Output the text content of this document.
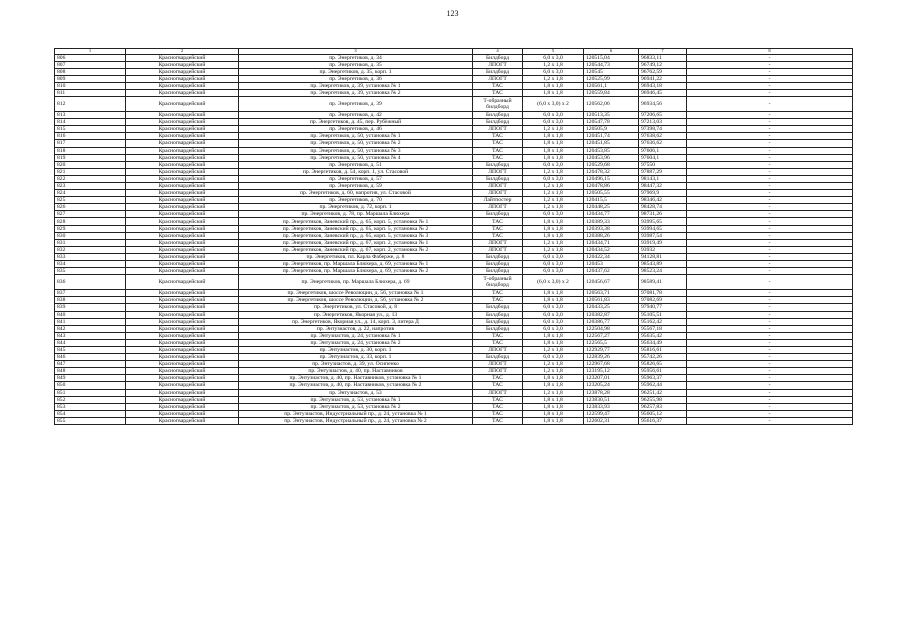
123
1	2	3	4	5	6	7	8
806	Красногвардейский	пр. Энергетиков, д. 34	Билдборд	6,0 x 3,0	120515,04	96833,11	-
807	Красногвардейский	пр. Энергетиков, д. 35	ЛПОГТ	1,2 x 1,8	120544,73	96749,12	-
808	Красногвардейский	пр. Энергетиков, д. 35, корп. 1	Билдборд	6,0 x 3,0	120545	96762,59	-
809	Красногвардейский	пр. Энергетиков, д. 36	ЛПОГТ	1,2 x 1,8	120525,99	96941,22	-
810	Красногвардейский	пр. Энергетиков, д. 39, установка № 1	ТАС	1,8 x 1,8	120561,1	96943,18	-
811	Красногвардейский	пр. Энергетиков, д. 39, установка № 2	ТАС	1,8 x 1,8	120559,84	96946,45	-
812	Красногвардейский	пр. Энергетиков, д. 39	Т-образный билдборд	(6,0 x 3,0) x 2	120562,06	96934,56	-
813	Красногвардейский	пр. Энергетиков, д. 42	Билдборд	6,0 x 3,0	120513,35	97206,65	-
814	Красногвардейский	пр. Энергетиков, д. 45, пер. Рубёжный	Билдборд	6,0 x 3,0	120547,78	97213,03	-
815	Красногвардейский	пр. Энергетиков, д. 46	ЛПОГТ	1,2 x 1,8	120505,9	97398,74	-
816	Красногвардейский	пр. Энергетиков, д. 50, установка № 1	ТАС	1,8 x 1,8	120451,74	97638,62	-
817	Красногвардейский	пр. Энергетиков, д. 50, установка № 2	ТАС	1,8 x 1,8	120451,85	97636,62	-
818	Красногвардейский	пр. Энергетиков, д. 50, установка № 3	ТАС	1,8 x 1,8	120453,85	97606,1	-
819	Красногвардейский	пр. Энергетиков, д. 50, установка № 4	ТАС	1,8 x 1,8	120453,96	97604,1	-
820	Красногвардейский	пр. Энергетиков, д. 51	Билдборд	6,0 x 3,0	120529,68	97550	-
821	Красногвардейский	пр. Энергетиков, д. 54, корп. 1, ул. Стасовой	ЛПОГТ	1,2 x 1,8	120478,32	97887,29	-
822	Красногвардейский	пр. Энергетиков, д. 57	Билдборд	6,0 x 3,0	120496,15	98143,1	-
823	Красногвардейский	пр. Энергетиков, д. 59	ЛПОГТ	1,2 x 1,8	120478,86	98447,32	-
824	Красногвардейский	пр. Энергетиков, д. 60, напротив, ул. Стасовой	ЛПОГТ	1,2 x 1,8	120505,55	97969,9	-
825	Красногвардейский	пр. Энергетиков, д. 70	Лайтпостер	1,2 x 1,8	120415,5	98346,42	-
826	Красногвардейский	пр. Энергетиков, д. 72, корп. 1	ЛПОГТ	1,2 x 1,8	120448,25	98428,74	-
827	Красногвардейский	пр. Энергетиков, д. 78, пр. Маршала Блюхера	Билдборд	6,0 x 3,0	120434,77	98731,26	-
828	Красногвардейский	пр. Энергетиков, Заневский пр., д. 65, корп. 5, установка № 1	ТАС	1,8 x 1,8	120389,33	93995,65	-
829	Красногвардейский	пр. Энергетиков, Заневский пр., д. 65, корп. 5, установка № 2	ТАС	1,8 x 1,8	120393,38	93994,65	-
830	Красногвардейский	пр. Энергетиков, Заневский пр., д. 65, корп. 5, установка № 3	ТАС	1,8 x 1,8	120388,26	93987,54	-
831	Красногвардейский	пр. Энергетиков, Заневский пр., д. 67, корп. 2, установка № 1	ЛПОГТ	1,2 x 1,8	120434,71	93919,49	-
832	Красногвардейский	пр. Энергетиков, Заневский пр., д. 67, корп. 2, установка № 2	ЛПОГТ	1,2 x 1,8	120434,52	93932	-
833	Красногвардейский	пр. Энергетиков, пл. Карла Фаберже, д. 8	Билдборд	6,0 x 3,0	120422,34	94128,81	-
834	Красногвардейский	пр. Энергетиков, пр. Маршала Блюхера, д. 69, установка № 1	Билдборд	6,0 x 3,0	120453	98543,89	-
835	Красногвардейский	пр. Энергетиков, пр. Маршала Блюхера, д. 69, установка № 2	Билдборд	6,0 x 3,0	120437,62	98523,24	-
836	Красногвардейский	пр. Энергетиков, пр. Маршала Блюхера, д. 69	Т-образный билдборд	(6,0 x 3,0) x 2	120456,67	98589,41	-
837	Красногвардейский	пр. Энергетиков, шоссе Революции, д. 56, установка № 1	ТАС	1,8 x 1,8	120563,71	97081,78	-
838	Красногвардейский	пр. Энергетиков, шоссе Революции, д. 56, установка № 2	ТАС	1,8 x 1,8	120561,83	97082,69	-
839	Красногвардейский	пр. Энергетиков, ул. Стасовой, д. 8	Билдборд	6,0 x 3,0	120433,25	97940,77	-
840	Красногвардейский	пр. Энергетиков, Якорная ул., д. 13	Билдборд	6,0 x 3,0	120382,87	95105,51	-
841	Красногвардейский	пр. Энергетиков, Якорная ул., д. 14, корп. 3, литера Д	Билдборд	6,0 x 3,0	120386,77	95162,42	-
842	Красногвардейский	пр. Энтузиастов, д. 22, напротив	Билдборд	6,0 x 3,0	122504,98	95567,18	-
843	Красногвардейский	пр. Энтузиастов, д. 24, установка № 1	ТАС	1,8 x 1,8	122567,27	95635,42	-
844	Красногвардейский	пр. Энтузиастов, д. 24, установка № 2	ТАС	1,8 x 1,8	122565,5	95634,49	-
845	Красногвардейский	пр. Энтузиастов, д. 30, корп. 1	ЛПОГТ	1,2 x 1,8	122929,77	95816,61	-
846	Красногвардейский	пр. Энтузиастов, д. 33, корп. 1	Билдборд	6,0 x 3,0	122839,26	95742,26	-
847	Красногвардейский	пр. Энтузиастов, д. 39, ул. Осипенко	ЛПОГТ	1,2 x 1,8	122967,68	95826,65	-
848	Красногвардейский	пр. Энтузиастов, д. 40, пр. Наставников	ЛПОГТ	1,2 x 1,8	123195,12	95956,61	-
849	Красногвардейский	пр. Энтузиастов, д. 40, пр. Наставников, установка № 1	ТАС	1,8 x 1,8	123207,01	95963,37	-
850	Красногвардейский	пр. Энтузиастов, д. 40, пр. Наставников, установка № 2	ТАС	1,8 x 1,8	123205,24	95962,44	-
851	Красногвардейский	пр. Энтузиастов, д. 53	ЛПОГТ	1,2 x 1,8	123878,28	96251,42	-
852	Красногвардейский	пр. Энтузиастов, д. 53, установка № 1	ТАС	1,8 x 1,8	123830,51	96255,98	-
853	Красногвардейский	пр. Энтузиастов, д. 53, установка № 2	ТАС	1,8 x 1,8	123833,93	96257,83	-
854	Красногвардейский	пр. Энтузиастов, Индустриальный пр., д. 24, установка № 1	ТАС	1,8 x 1,8	122599,47	95605,12	-
855	Красногвардейский	пр. Энтузиастов, Индустриальный пр., д. 24, установка № 2	ТАС	1,8 x 1,8	122602,31	95616,37	-
